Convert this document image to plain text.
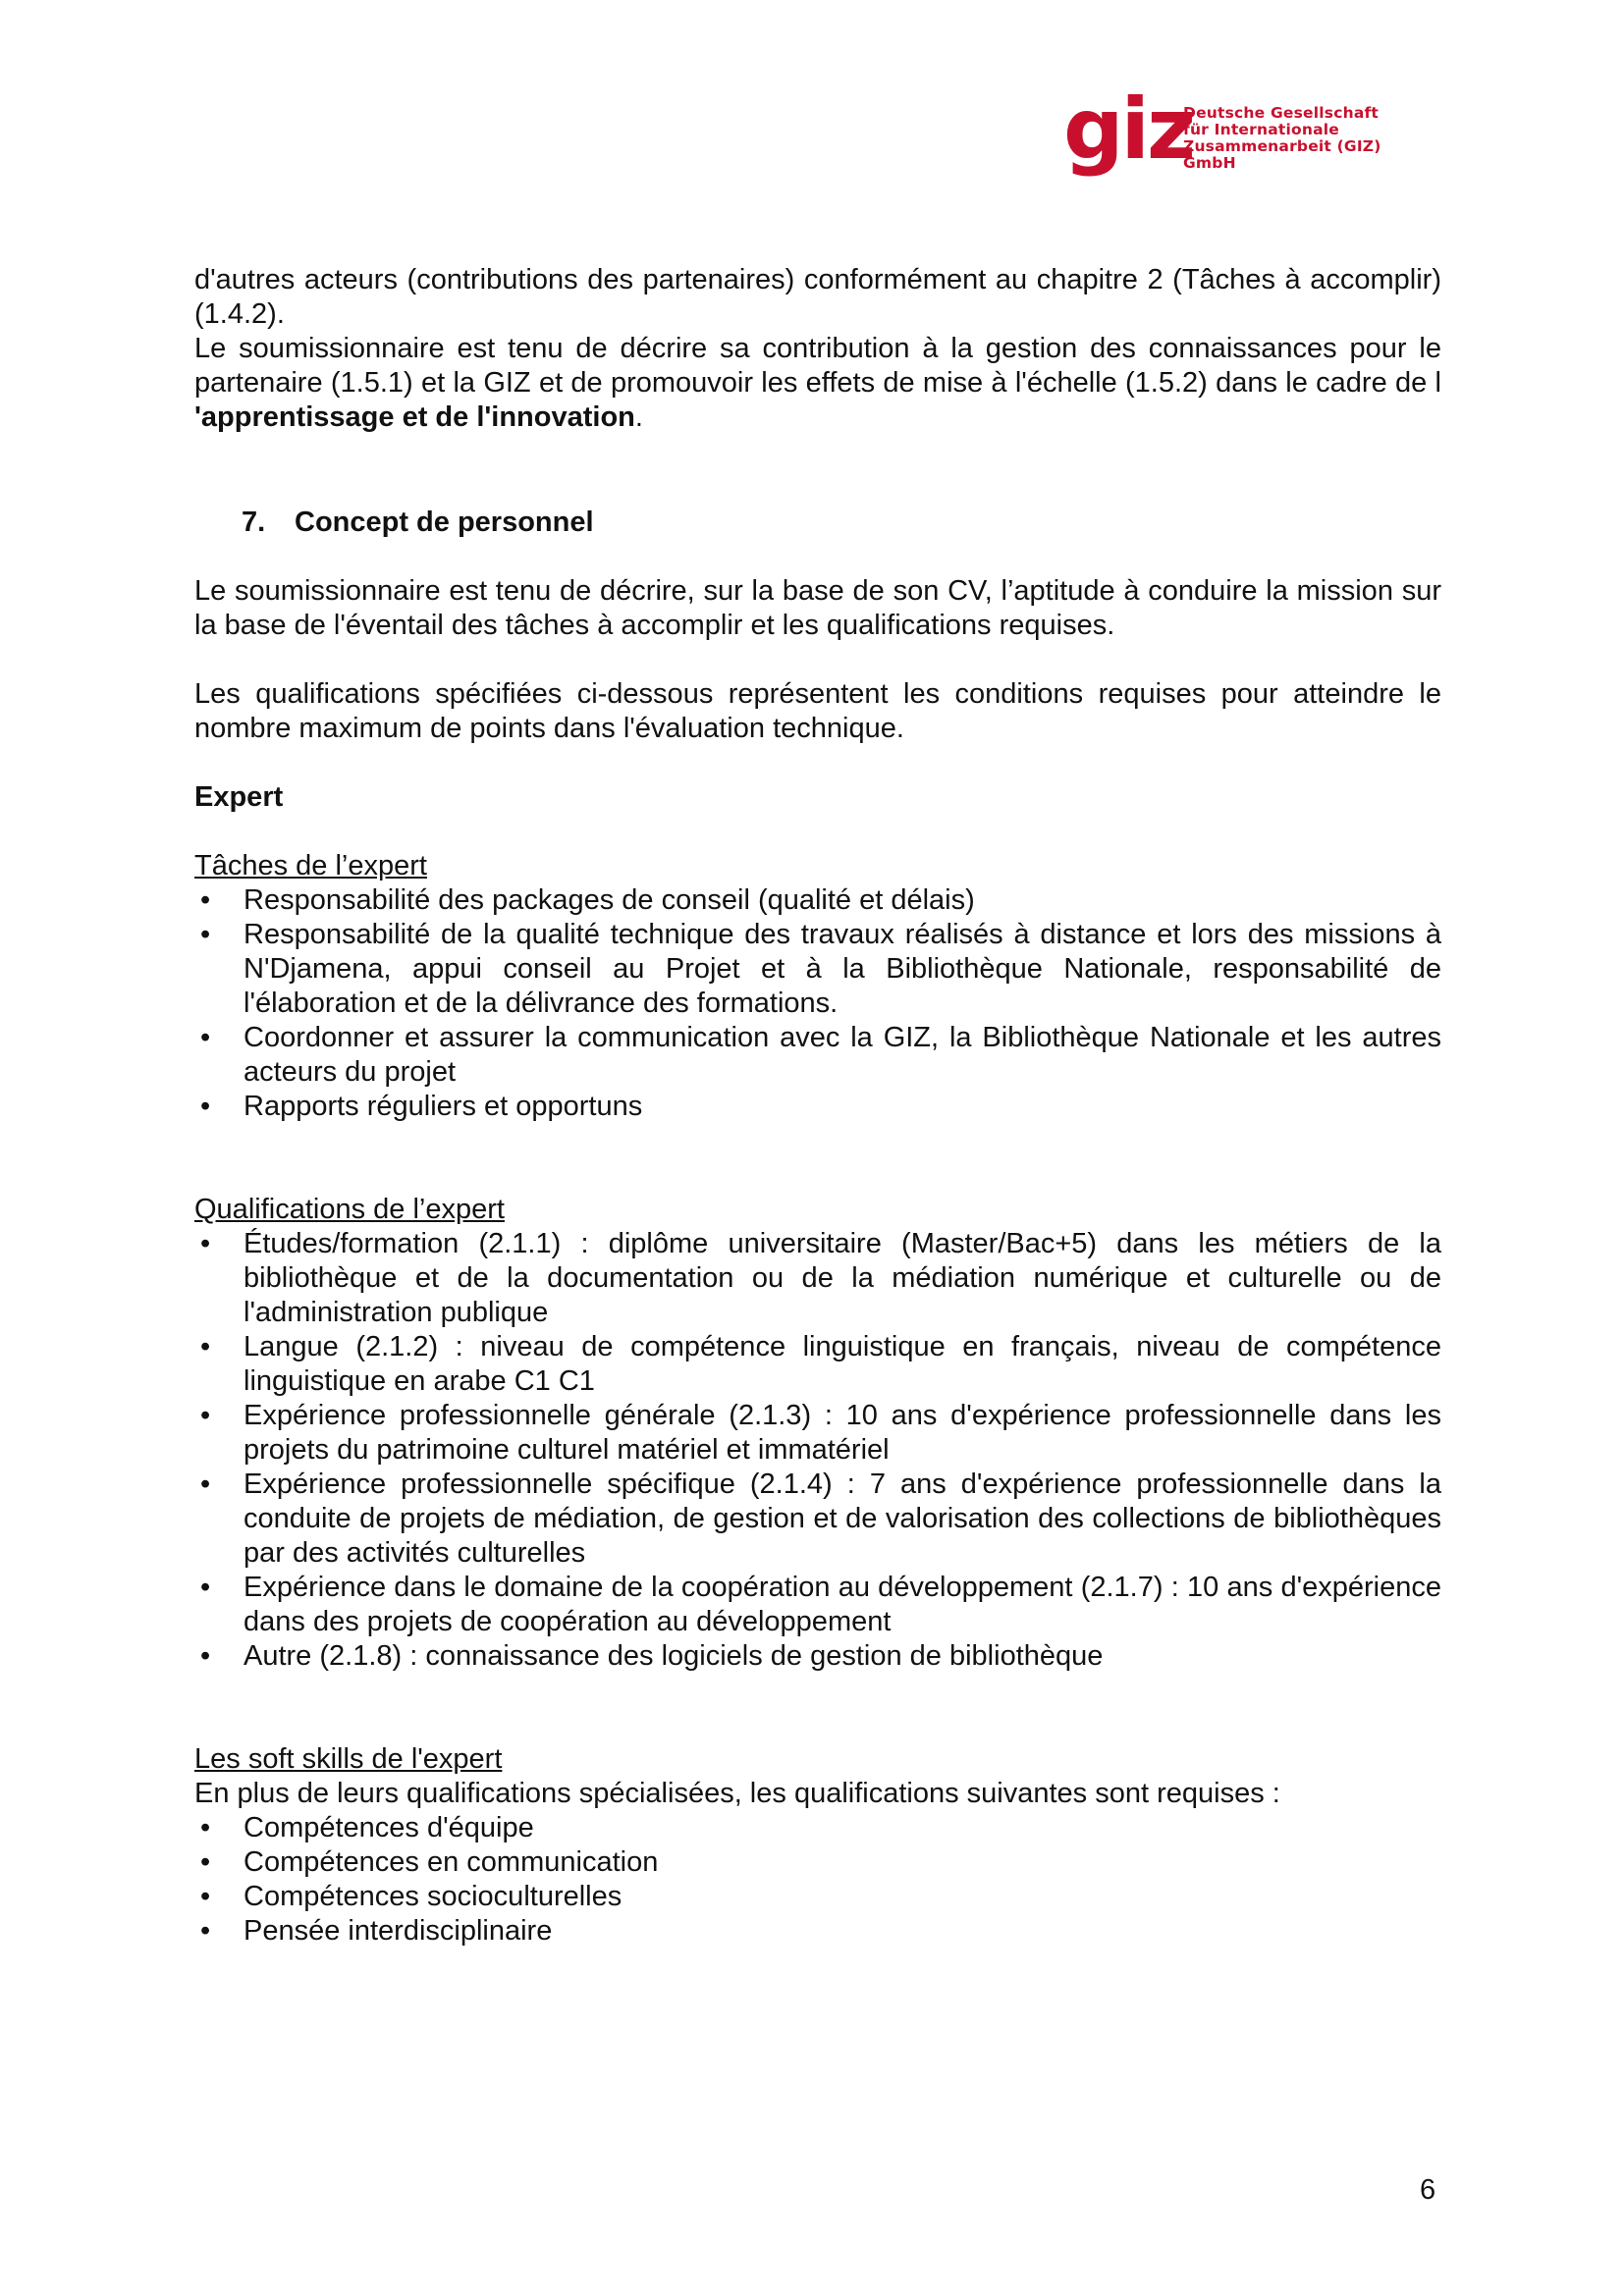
giz
Deutsche Gesellschaft
für Internationale
Zusammenarbeit (GIZ) GmbH

d'autres acteurs (contributions des partenaires) conformément au chapitre 2 (Tâches à accomplir) (1.4.2).

Le soumissionnaire est tenu de décrire sa contribution à la gestion des connaissances pour le partenaire (1.5.1) et la GIZ et de promouvoir les effets de mise à l'échelle (1.5.2) dans le cadre de l 'apprentissage et de l'innovation.

7. Concept de personnel

Le soumissionnaire est tenu de décrire, sur la base de son CV, l’aptitude à conduire la mission sur la base de l'éventail des tâches à accomplir et les qualifications requises.

Les qualifications spécifiées ci-dessous représentent les conditions requises pour atteindre le nombre maximum de points dans l'évaluation technique.

Expert

Tâches de l’expert

• Responsabilité des packages de conseil (qualité et délais)
• Responsabilité de la qualité technique des travaux réalisés à distance et lors des missions à N'Djamena, appui conseil au Projet et à la Bibliothèque Nationale, responsabilité de l'élaboration et de la délivrance des formations.
• Coordonner et assurer la communication avec la GIZ, la Bibliothèque Nationale et les autres acteurs du projet
• Rapports réguliers et opportuns

Qualifications de l’expert

• Études/formation (2.1.1) : diplôme universitaire (Master/Bac+5) dans les métiers de la bibliothèque et de la documentation ou de la médiation numérique et culturelle ou de l'administration publique
• Langue (2.1.2) : niveau de compétence linguistique en français, niveau de compétence linguistique en arabe C1 C1
• Expérience professionnelle générale (2.1.3) : 10 ans d'expérience professionnelle dans les projets du patrimoine culturel matériel et immatériel
• Expérience professionnelle spécifique (2.1.4) : 7 ans d'expérience professionnelle dans la conduite de projets de médiation, de gestion et de valorisation des collections de bibliothèques par des activités culturelles
• Expérience dans le domaine de la coopération au développement (2.1.7) : 10 ans d'expérience dans des projets de coopération au développement
• Autre (2.1.8) : connaissance des logiciels de gestion de bibliothèque

Les soft skills de l'expert

En plus de leurs qualifications spécialisées, les qualifications suivantes sont requises :

• Compétences d'équipe
• Compétences en communication
• Compétences socioculturelles
• Pensée interdisciplinaire
6
